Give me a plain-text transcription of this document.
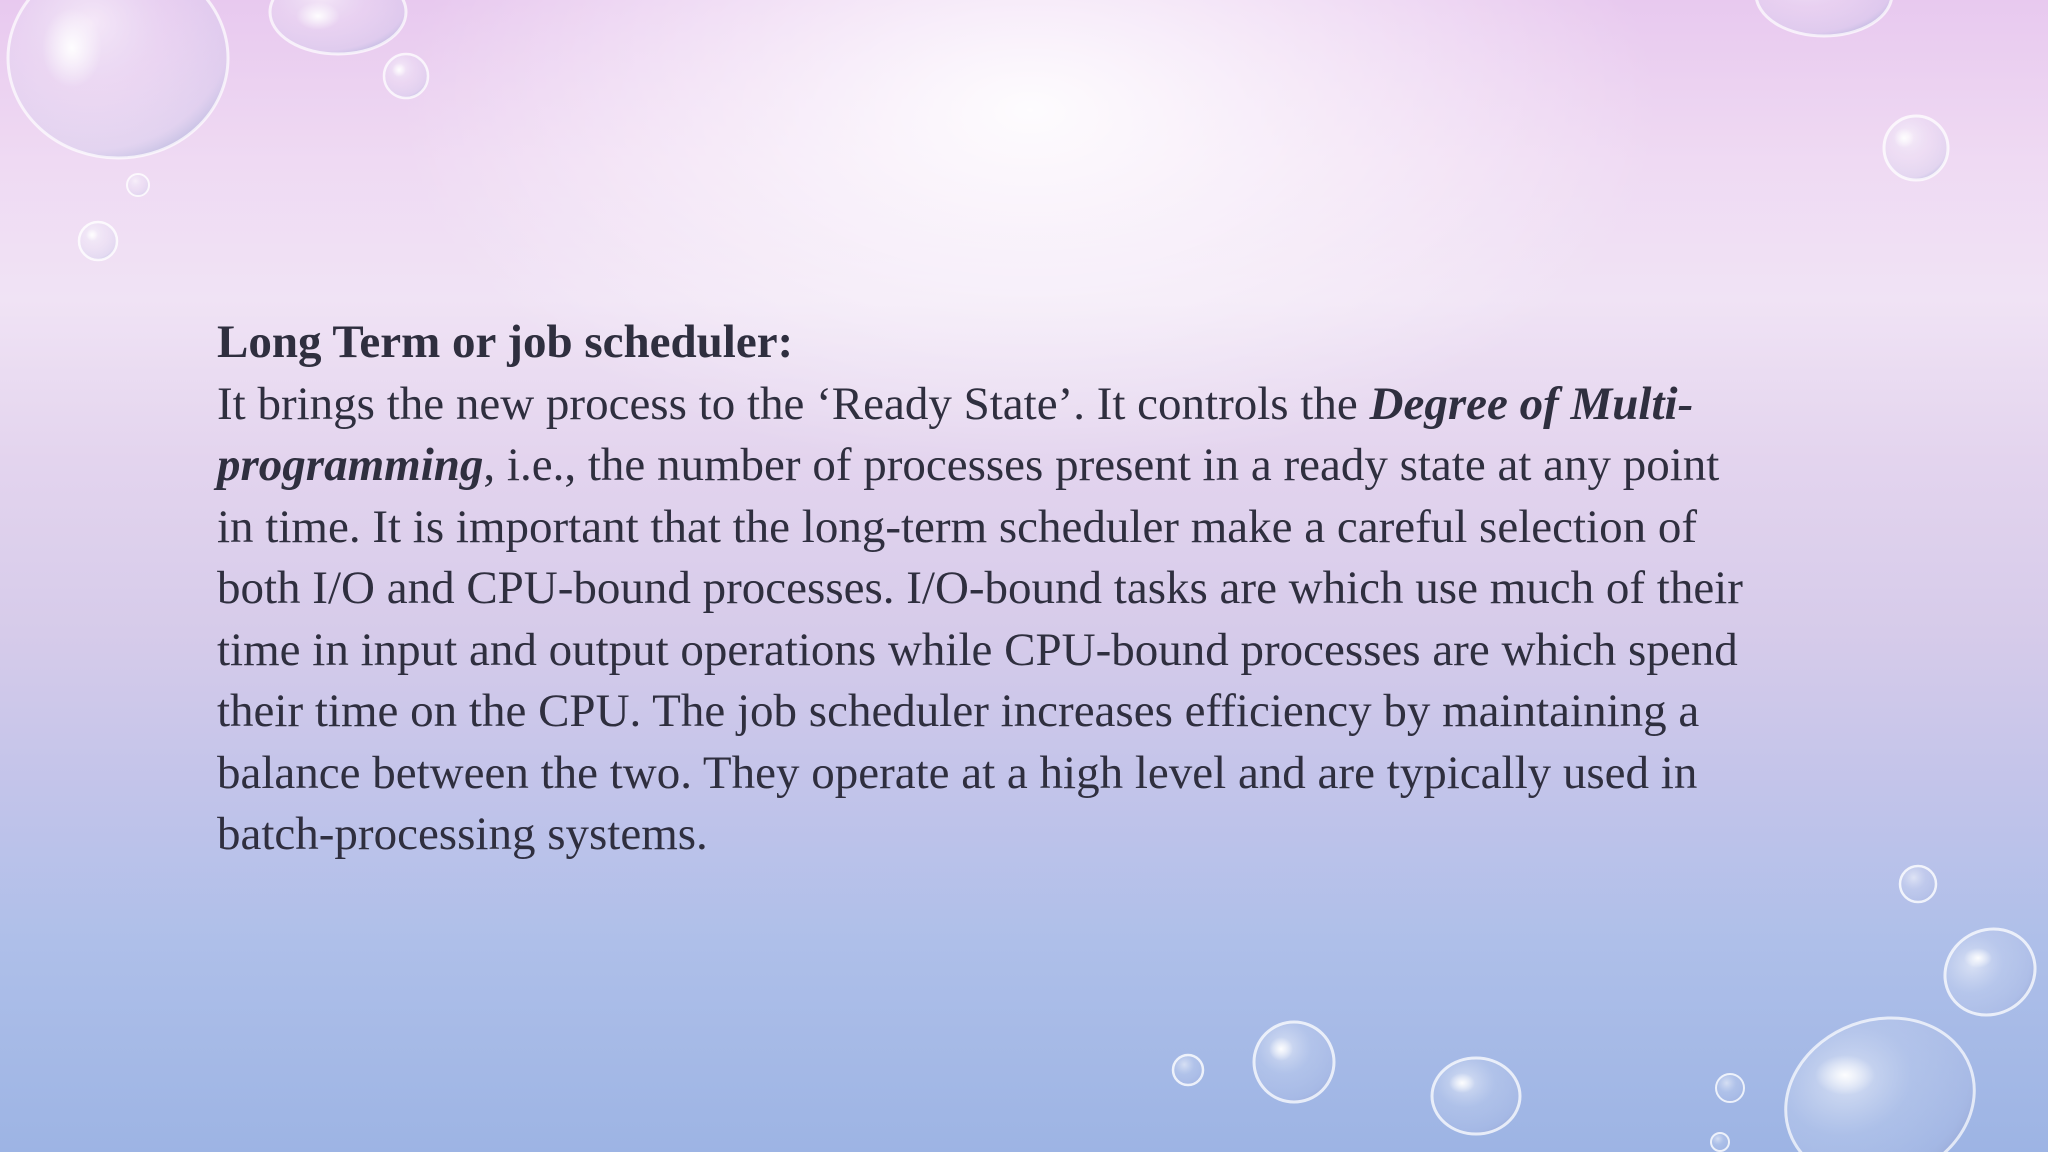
Long Term or job scheduler:

It brings the new process to the ‘Ready State’. It controls the Degree of Multi-
programming, i.e., the number of processes present in a ready state at any point
in time. It is important that the long-term scheduler make a careful selection of
both I/O and CPU-bound processes. I/O-bound tasks are which use much of their
time in input and output operations while CPU-bound processes are which spend
their time on the CPU. The job scheduler increases efficiency by maintaining a
balance between the two. They operate at a high level and are typically used in
batch-processing systems.
